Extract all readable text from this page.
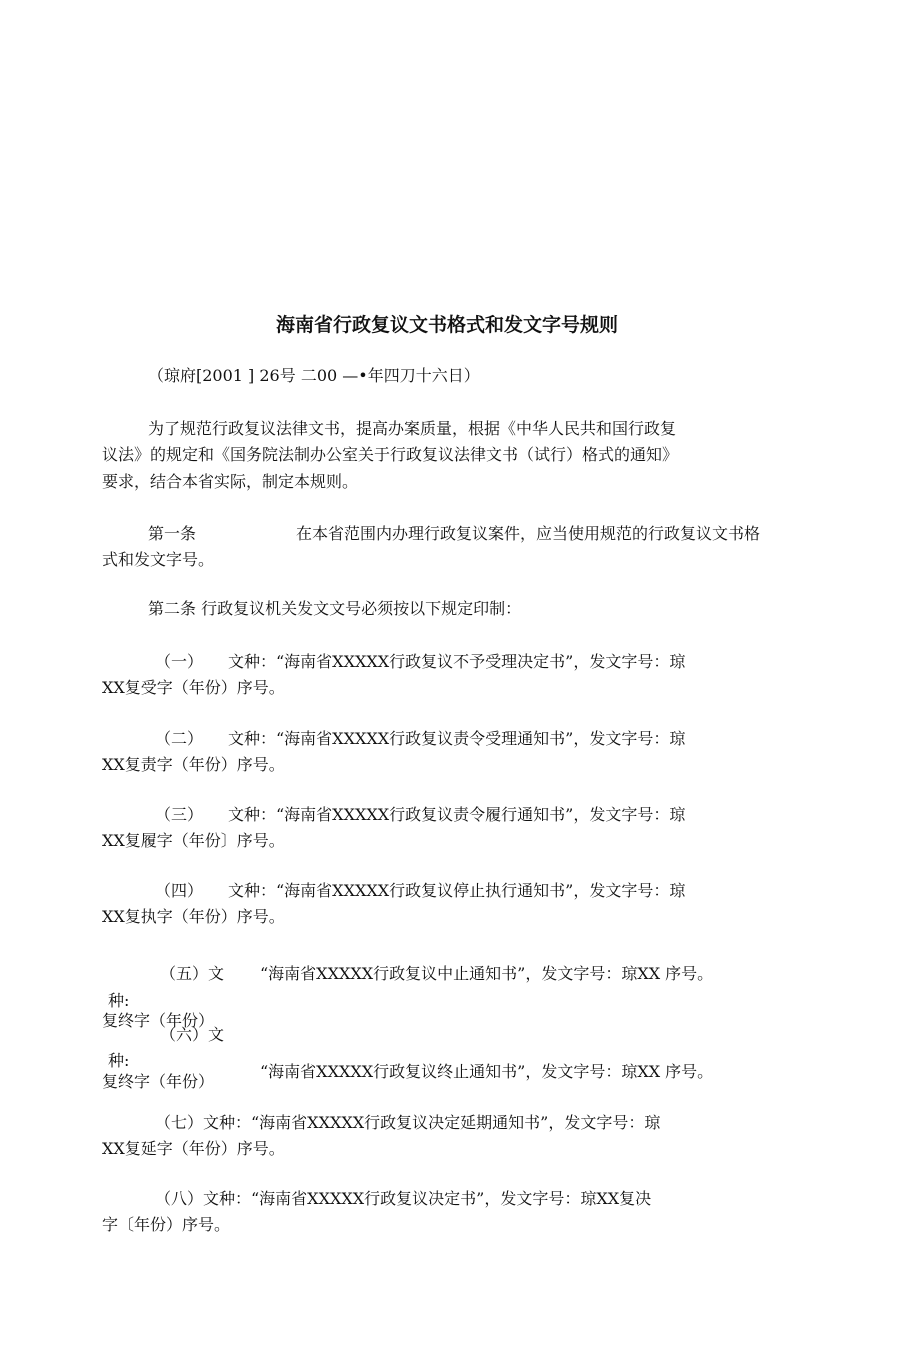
海南省行政复议文书格式和发文字号规则

（琼府[2001 ] 26号 二00 —•年四刀十六日）

为了规范行政复议法律文书，提高办案质量，根据《中华人民共和国行政复

议法》的规定和《国务院法制办公室关于行政复议法律文书（试行）格式的通知》

要求，结合本省实际，制定本规则。

第一条	在本省范围内办理行政复议案件，应当使用规范的行政复议文书格

式和发文字号。

第二条 行政复议机关发文文号必须按以下规定印制：

（一） 文种：“海南省XXXXX行政复议不予受理决定书”，发文字号：琼

XX复受字（年份）序号。

（二） 文种：“海南省XXXXX行政复议责令受理通知书”，发文字号：琼

XX复责字（年份）序号。

（三） 文种：“海南省XXXXX行政复议责令履行通知书”，发文字号：琼

XX复履字（年份〕序号。

（四） 文种：“海南省XXXXX行政复议停止执行通知书”，发文字号：琼

XX复执字（年份）序号。

（五）文

种:

复终字（年份）

“海南省XXXXX行政复议中止通知书”，发文字号：琼XX 序号。

（六）文

种:

复终字（年份）

“海南省XXXXX行政复议终止通知书”，发文字号：琼XX 序号。

（七）文种：“海南省XXXXX行政复议决定延期通知书”，发文字号：琼

XX复延字（年份）序号。

（八）文种：“海南省XXXXX行政复议决定书”，发文字号：琼XX复决

字〔年份）序号。
